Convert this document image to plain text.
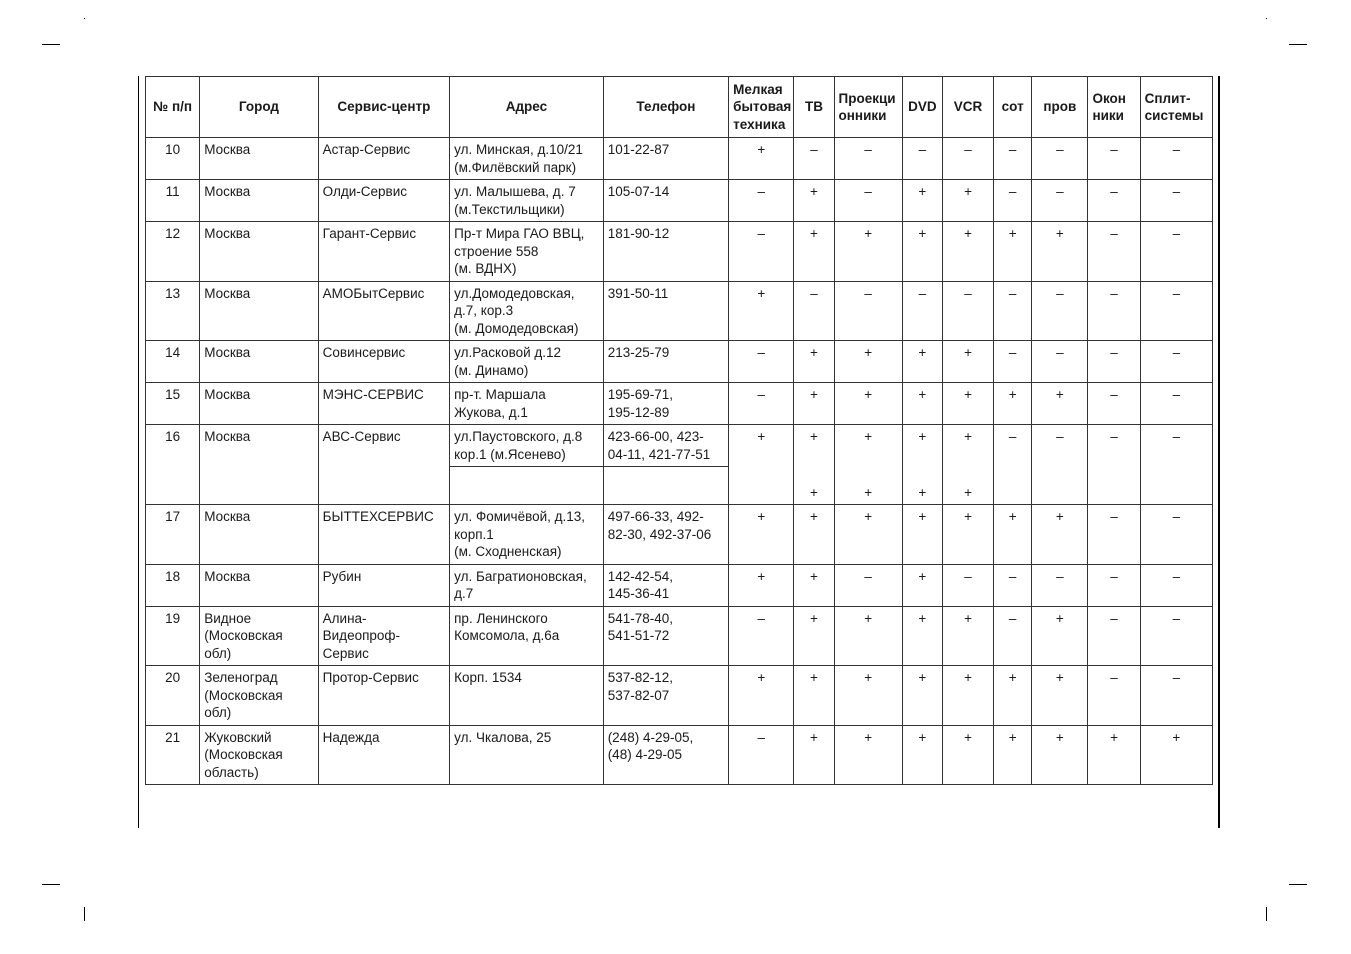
№ п/п	Город	Сервис-центр	Адрес	Телефон	Мелкая
бытовая
техника	ТВ	Проекци
онники	DVD	VCR	сот	пров	Окон
ники	Сплит-
системы

10	Москва	Астар-Сервис	ул. Минская, д.10/21
(м.Филёвский парк)	101-22-87	+	–	–	–	–	–	–	–	–
11	Москва	Олди-Сервис	ул. Малышева, д. 7
(м.Текстильщики)	105-07-14	–	+	–	+	+	–	–	–	–
12	Москва	Гарант-Сервис	Пр-т Мира ГАО ВВЦ,
строение 558
(м. ВДНХ)	181-90-12	–	+	+	+	+	+	+	–	–
13	Москва	АМОБытСервис	ул.Домодедовская,
д.7, кор.3
(м. Домодедовская)	391-50-11	+	–	–	–	–	–	–	–	–
14	Москва	Совинсервис	ул.Расковой д.12
(м. Динамо)	213-25-79	–	+	+	+	+	–	–	–	–
15	Москва	МЭНС-СЕРВИС	пр-т. Маршала
Жукова, д.1	195-69-71,
195-12-89	–	+	+	+	+	+	+	–	–
16	Москва	АВС-Сервис	ул.Паустовского, д.8
кор.1 (м.Ясенево)	423-66-00, 423-
04-11, 421-77-51	+	+	+	+	+	–	–	–	–
						+	+	+	+				
17	Москва	БЫТТЕХСЕРВИС	ул. Фомичёвой, д.13,
корп.1
(м. Сходненская)	497-66-33, 492-
82-30, 492-37-06	+	+	+	+	+	+	+	–	–
18	Москва	Рубин	ул. Багратионовская,
д.7	142-42-54,
145-36-41	+	+	–	+	–	–	–	–	–
19	Видное
(Московская
обл)	Алина-
Видеопроф-
Сервис	пр. Ленинского
Комсомола, д.6а	541-78-40,
541-51-72	–	+	+	+	+	–	+	–	–
20	Зеленоград
(Московская
обл)	Протор-Сервис	Корп. 1534	537-82-12,
537-82-07	+	+	+	+	+	+	+	–	–
21	Жуковский
(Московская
область)	Надежда	ул. Чкалова, 25	(248) 4-29-05,
(48) 4-29-05	–	+	+	+	+	+	+	+	+
